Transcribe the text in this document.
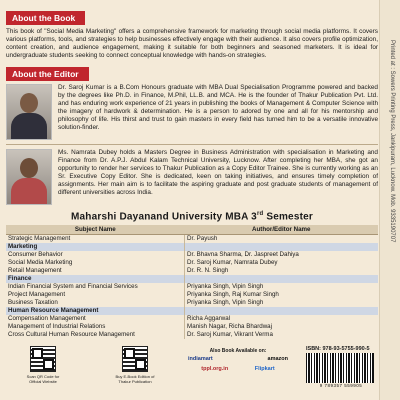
About the Book

This book of "Social Media Marketing" offers a comprehensive framework for marketing through social media platforms. It covers various platforms, tools, and strategies to help businesses effectively engage with their audience. It also covers profile optimization, content creation, and audience engagement, making it suitable for both beginners and seasoned marketers. It is ideal for undergraduate students seeking to connect conceptual knowledge with hands-on strategies.

About the Editor

Dr. Saroj Kumar is a B.Com Honours graduate with MBA Dual Specialisation Programme powered and backed by the degrees like Ph.D. in Finance, M.Phil, LL.B. and MCA. He is the founder of Thakur Publication Pvt. Ltd. and has enduring work experience of 21 years in publishing the books of Management & Computer Science with the imagery of hardwork & determination. He is a person to adored by one and all for his mentorship and philosophy of life. His thirst and trust to gain masters in every field has turned him to be a versatile innovative solution-finder.

Ms. Namrata Dubey holds a Masters Degree in Business Administration with specialisation in Marketing and Finance from Dr. A.P.J. Abdul Kalam Technical University, Lucknow. After completing her MBA, she got an opportunity to render her services to Thakur Publication as a Copy Editor Trainee. She is currently working as an Sr. Executive Copy Editor. She is dedicated, keen on taking initiatives, and ensures timely completion of assignments. Her main aim is to facilitate the aspiring graduate and post graduate students of management of different universities across India.

Maharshi Dayanand University MBA 3rd Semester
Subject Name	Author/Editor Name
Strategic Management	Dr. Payush
Marketing	
Consumer Behavior	Dr. Bhavna Sharma, Dr. Jaspreet Dahiya
Social Media Marketing	Dr. Saroj Kumar, Namrata Dubey
Retail Management	Dr. R. N. Singh
Finance	
Indian Financial System and Financial Services	Priyanka Singh, Vipin Singh
Project Management	Priyanka Singh, Raj Kumar Singh
Business Taxation	Priyanka Singh, Vipin Singh
Human Resource Management	
Compensation Management	Richa Aggarwal
Management of Industrial Relations	Manish Nagar, Richa Bhardwaj
Cross Cultural Human Resource Management	Dr. Saroj Kumar, Vikrant Verma
Printed at : Sowers Printing Press, Jankipuram, Lucknow. Mob. 9335190707
Scan QR Code for Official Website
Buy E-Book Edition of Thakur Publication
Also Book Available on:
indiamart	amazon
tppl.org.in	Flipkart
ISBN: 978-93-5755-990-5
9 789357 559905
